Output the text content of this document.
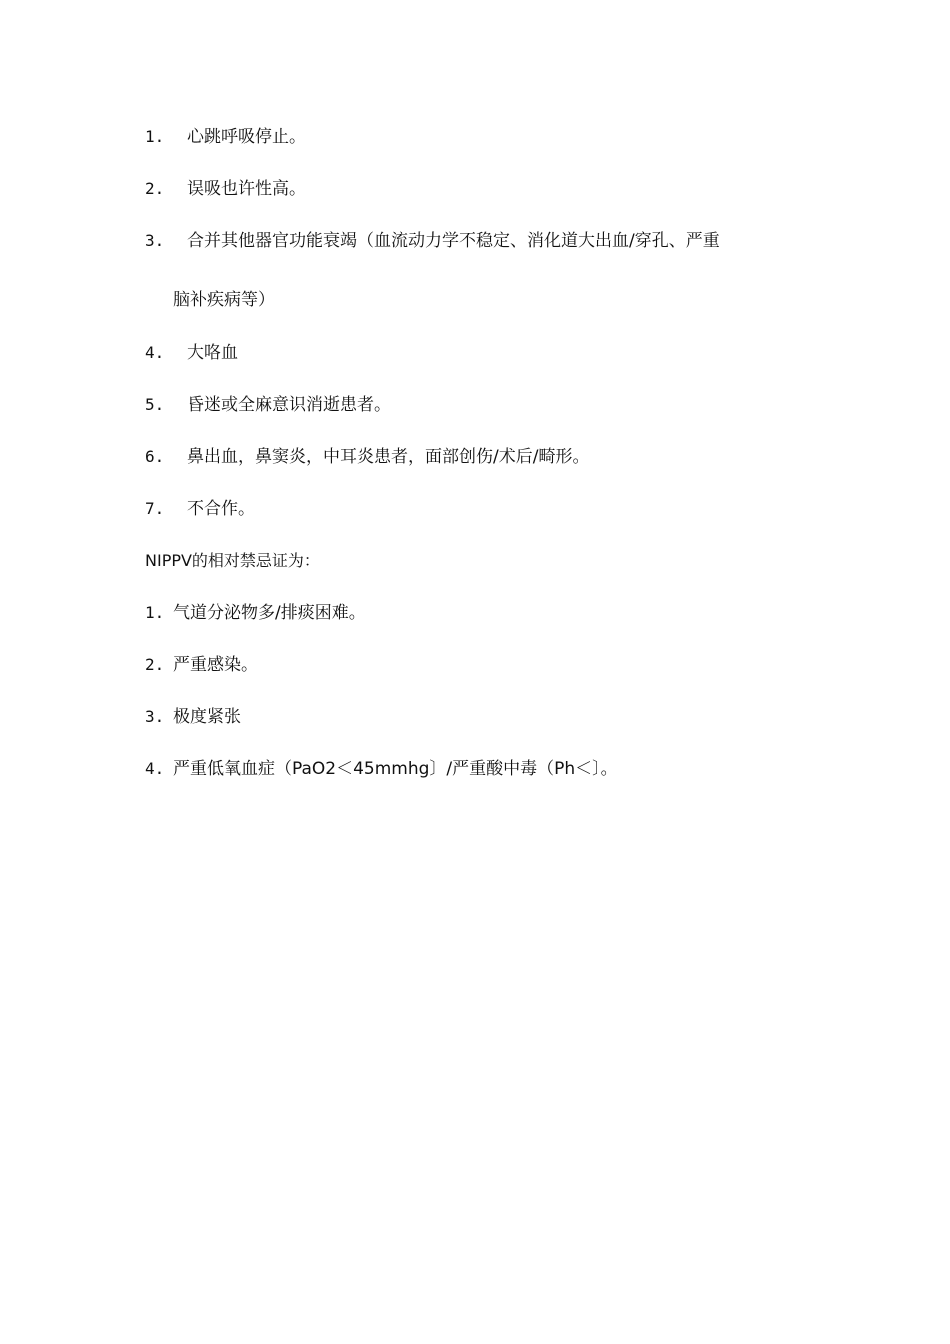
1. 心跳呼吸停止。
2. 误吸也许性高。
3. 合并其他器官功能衰竭（血流动力学不稳定、消化道大出血/穿孔、严重
脑补疾病等）
4. 大咯血
5. 昏迷或全麻意识消逝患者。
6. 鼻出血，鼻窦炎，中耳炎患者，面部创伤/术后/畸形。
7. 不合作。
NIPPV的相对禁忌证为：
1. 气道分泌物多/排痰困难。
2. 严重感染。
3. 极度紧张
4. 严重低氧血症（PaO2＜45mmhg〕/严重酸中毒（Ph＜〕。
